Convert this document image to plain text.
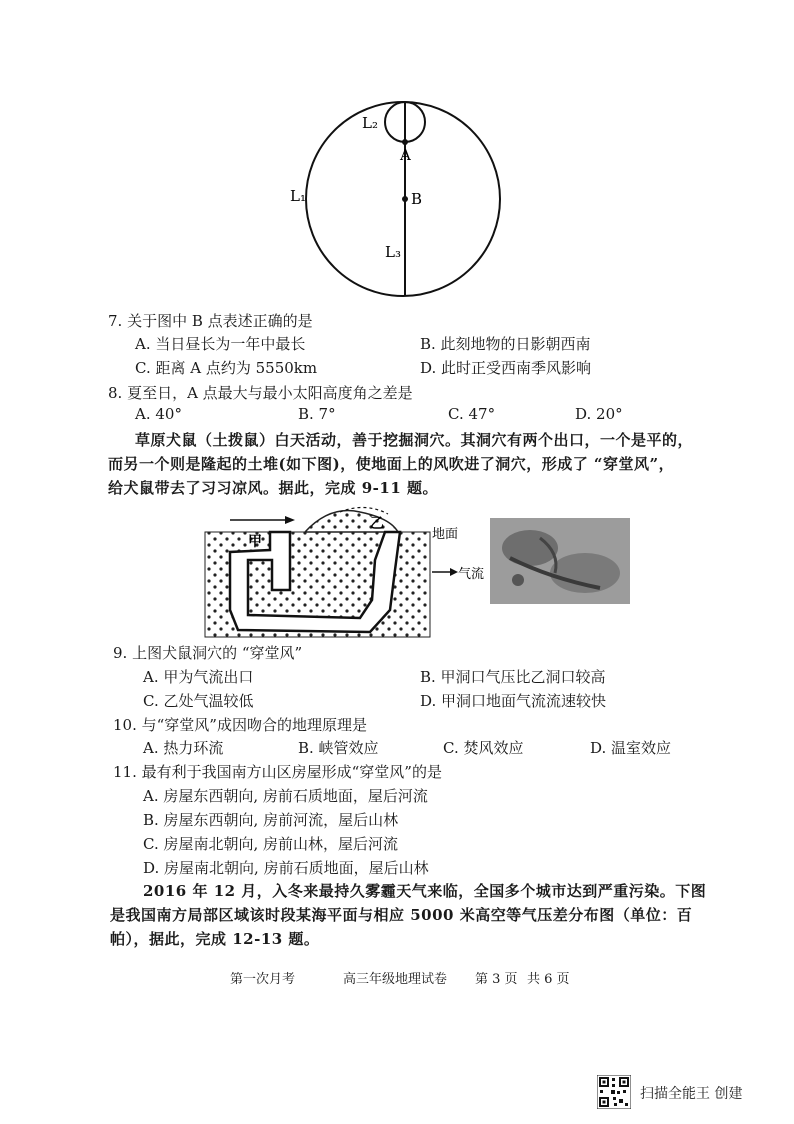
L₂
A
L₁	B
L₃
7. 关于图中 B 点表述正确的是
A. 当日昼长为一年中最长	B. 此刻地物的日影朝西南
C. 距离 A 点约为 5550km	D. 此时正受西南季风影响
8. 夏至日，A 点最大与最小太阳高度角之差是
A. 40°	B. 7°	C. 47°	D. 20°
草原犬鼠（土拨鼠）白天活动，善于挖掘洞穴。其洞穴有两个出口，一个是平的，
而另一个则是隆起的土堆(如下图)，使地面上的风吹进了洞穴，形成了 “穿堂风”，
给犬鼠带去了习习凉风。据此，完成 9-11 题。
甲
乙
地面
气流
9. 上图犬鼠洞穴的 “穿堂风”
A. 甲为气流出口	B. 甲洞口气压比乙洞口较高
C. 乙处气温较低	D. 甲洞口地面气流流速较快
10. 与“穿堂风”成因吻合的地理原理是
A. 热力环流	B. 峡管效应	C. 焚风效应	D. 温室效应
11. 最有利于我国南方山区房屋形成“穿堂风”的是
A. 房屋东西朝向, 房前石质地面，屋后河流
B. 房屋东西朝向, 房前河流，屋后山林
C. 房屋南北朝向, 房前山林，屋后河流
D. 房屋南北朝向, 房前石质地面，屋后山林
2016 年 12 月，入冬来最持久雾霾天气来临，全国多个城市达到严重污染。下图
是我国南方局部区域该时段某海平面与相应 5000 米高空等气压差分布图（单位：百
帕），据此，完成 12-13 题。
第一次月考	高三年级地理试卷 第 3 页 共 6 页
扫描全能王 创建
